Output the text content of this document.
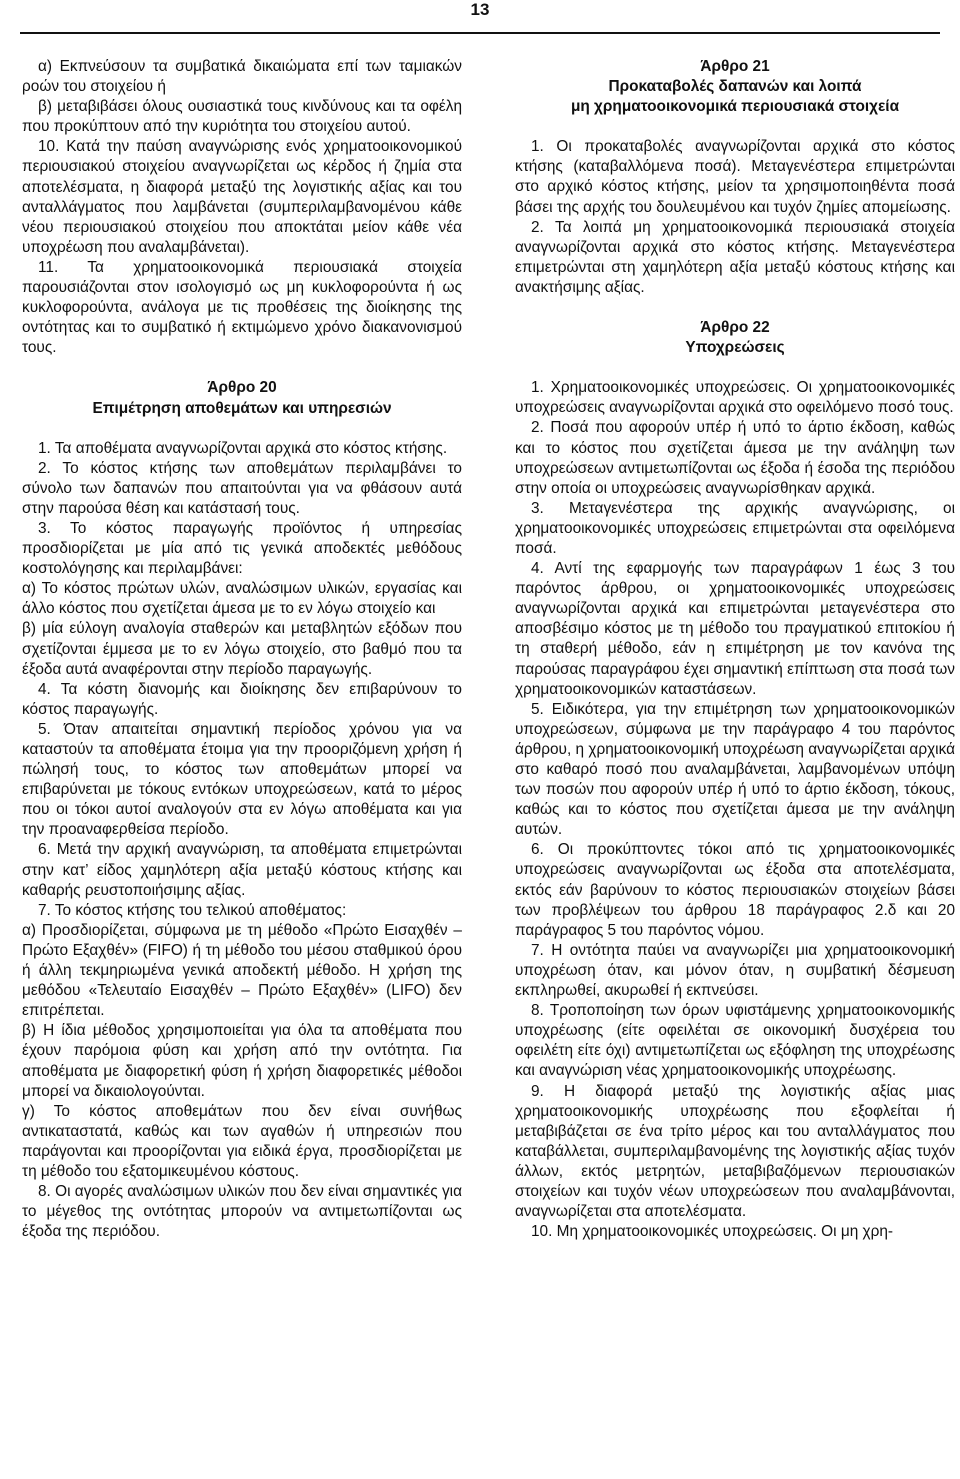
13

α) Εκπνεύσουν τα συμβατικά δικαιώματα επί των ταμιακών ροών του στοιχείου ή

β) μεταβιβάσει όλους ουσιαστικά τους κινδύνους και τα οφέλη που προκύπτουν από την κυριότητα του στοιχείου αυτού.

10. Κατά την παύση αναγνώρισης ενός χρηματοοικονομικού περιουσιακού στοιχείου αναγνωρίζεται ως κέρδος ή ζημία στα αποτελέσματα, η διαφορά μεταξύ της λογιστικής αξίας και του ανταλλάγματος που λαμβάνεται (συμπεριλαμβανομένου κάθε νέου περιουσιακού στοιχείου που αποκτάται μείον κάθε νέα υποχρέωση που αναλαμβάνεται).

11. Τα χρηματοοικονομικά περιουσιακά στοιχεία παρουσιάζονται στον ισολογισμό ως μη κυκλοφορούντα ή ως κυκλοφορούντα, ανάλογα με τις προθέσεις της διοίκησης της οντότητας και το συμβατικό ή εκτιμώμενο χρόνο διακανονισμού τους.

Άρθρο 20

Επιμέτρηση αποθεμάτων και υπηρεσιών

1. Τα αποθέματα αναγνωρίζονται αρχικά στο κόστος κτήσης.

2. Το κόστος κτήσης των αποθεμάτων περιλαμβάνει το σύνολο των δαπανών που απαιτούνται για να φθάσουν αυτά στην παρούσα θέση και κατάστασή τους.

3. Το κόστος παραγωγής προϊόντος ή υπηρεσίας προσδιορίζεται με μία από τις γενικά αποδεκτές μεθόδους κοστολόγησης και περιλαμβάνει:

α) Το κόστος πρώτων υλών, αναλώσιμων υλικών, εργασίας και άλλο κόστος που σχετίζεται άμεσα με το εν λόγω στοιχείο και

β) μία εύλογη αναλογία σταθερών και μεταβλητών εξόδων που σχετίζονται έμμεσα με το εν λόγω στοιχείο, στο βαθμό που τα έξοδα αυτά αναφέρονται στην περίοδο παραγωγής.

4. Τα κόστη διανομής και διοίκησης δεν επιβαρύνουν το κόστος παραγωγής.

5. Όταν απαιτείται σημαντική περίοδος χρόνου για να καταστούν τα αποθέματα έτοιμα για την προοριζόμενη χρήση ή πώλησή τους, το κόστος των αποθεμάτων μπορεί να επιβαρύνεται με τόκους εντόκων υποχρεώσεων, κατά το μέρος που οι τόκοι αυτοί αναλογούν στα εν λόγω αποθέματα και για την προαναφερθείσα περίοδο.

6. Μετά την αρχική αναγνώριση, τα αποθέματα επιμετρώνται στην κατ’ είδος χαμηλότερη αξία μεταξύ κόστους κτήσης και καθαρής ρευστοποιήσιμης αξίας.

7. Το κόστος κτήσης του τελικού αποθέματος:

α) Προσδιορίζεται, σύμφωνα με τη μέθοδο «Πρώτο Εισαχθέν – Πρώτο Εξαχθέν» (FIFO) ή τη μέθοδο του μέσου σταθμικού όρου ή άλλη τεκμηριωμένα γενικά αποδεκτή μέθοδο. Η χρήση της μεθόδου «Τελευταίο Εισαχθέν – Πρώτο Εξαχθέν» (LIFO) δεν επιτρέπεται.

β) Η ίδια μέθοδος χρησιμοποιείται για όλα τα αποθέματα που έχουν παρόμοια φύση και χρήση από την οντότητα. Για αποθέματα με διαφορετική φύση ή χρήση διαφορετικές μέθοδοι μπορεί να δικαιολογούνται.

γ) Το κόστος αποθεμάτων που δεν είναι συνήθως αντικαταστατά, καθώς και των αγαθών ή υπηρεσιών που παράγονται και προορίζονται για ειδικά έργα, προσδιορίζεται με τη μέθοδο του εξατομικευμένου κόστους.

8. Οι αγορές αναλώσιμων υλικών που δεν είναι σημαντικές για το μέγεθος της οντότητας μπορούν να αντιμετωπίζονται ως έξοδα της περιόδου.

Άρθρο 21

Προκαταβολές δαπανών και λοιπά

μη χρηματοοικονομικά περιουσιακά στοιχεία

1. Οι προκαταβολές αναγνωρίζονται αρχικά στο κόστος κτήσης (καταβαλλόμενα ποσά). Μεταγενέστερα επιμετρώνται στο αρχικό κόστος κτήσης, μείον τα χρησιμοποιηθέντα ποσά βάσει της αρχής του δουλευμένου και τυχόν ζημίες απομείωσης.

2. Τα λοιπά μη χρηματοοικονομικά περιουσιακά στοιχεία αναγνωρίζονται αρχικά στο κόστος κτήσης. Μεταγενέστερα επιμετρώνται στη χαμηλότερη αξία μεταξύ κόστους κτήσης και ανακτήσιμης αξίας.

Άρθρο 22

Υποχρεώσεις

1. Χρηματοοικονομικές υποχρεώσεις. Οι χρηματοοικονομικές υποχρεώσεις αναγνωρίζονται αρχικά στο οφειλόμενο ποσό τους.

2. Ποσά που αφορούν υπέρ ή υπό το άρτιο έκδοση, καθώς και το κόστος που σχετίζεται άμεσα με την ανάληψη των υποχρεώσεων αντιμετωπίζονται ως έξοδα ή έσοδα της περιόδου στην οποία οι υποχρεώσεις αναγνωρίσθηκαν αρχικά.

3. Μεταγενέστερα της αρχικής αναγνώρισης, οι χρηματοοικονομικές υποχρεώσεις επιμετρώνται στα οφειλόμενα ποσά.

4. Αντί της εφαρμογής των παραγράφων 1 έως 3 του παρόντος άρθρου, οι χρηματοοικονομικές υποχρεώσεις αναγνωρίζονται αρχικά και επιμετρώνται μεταγενέστερα στο αποσβέσιμο κόστος με τη μέθοδο του πραγματικού επιτοκίου ή τη σταθερή μέθοδο, εάν η επιμέτρηση με τον κανόνα της παρούσας παραγράφου έχει σημαντική επίπτωση στα ποσά των χρηματοοικονομικών καταστάσεων.

5. Ειδικότερα, για την επιμέτρηση των χρηματοοικονομικών υποχρεώσεων, σύμφωνα με την παράγραφο 4 του παρόντος άρθρου, η χρηματοοικονομική υποχρέωση αναγνωρίζεται αρχικά στο καθαρό ποσό που αναλαμβάνεται, λαμβανομένων υπόψη των ποσών που αφορούν υπέρ ή υπό το άρτιο έκδοση, τόκους, καθώς και το κόστος που σχετίζεται άμεσα με την ανάληψη αυτών.

6. Οι προκύπτοντες τόκοι από τις χρηματοοικονομικές υποχρεώσεις αναγνωρίζονται ως έξοδα στα αποτελέσματα, εκτός εάν βαρύνουν το κόστος περιουσιακών στοιχείων βάσει των προβλέψεων του άρθρου 18 παράγραφος 2.δ και 20 παράγραφος 5 του παρόντος νόμου.

7. Η οντότητα παύει να αναγνωρίζει μια χρηματοοικονομική υποχρέωση όταν, και μόνον όταν, η συμβατική δέσμευση εκπληρωθεί, ακυρωθεί ή εκπνεύσει.

8. Τροποποίηση των όρων υφιστάμενης χρηματοοικονομικής υποχρέωσης (είτε οφειλέται σε οικονομική δυσχέρεια του οφειλέτη είτε όχι) αντιμετωπίζεται ως εξόφληση της υποχρέωσης και αναγνώριση νέας χρηματοοικονομικής υποχρέωσης.

9. Η διαφορά μεταξύ της λογιστικής αξίας μιας χρηματοοικονομικής υποχρέωσης που εξοφλείται ή μεταβιβάζεται σε ένα τρίτο μέρος και του ανταλλάγματος που καταβάλλεται, συμπεριλαμβανομένης της λογιστικής αξίας τυχόν άλλων, εκτός μετρητών, μεταβιβαζόμενων περιουσιακών στοιχείων και τυχόν νέων υποχρεώσεων που αναλαμβάνονται, αναγνωρίζεται στα αποτελέσματα.

10. Μη χρηματοοικονομικές υποχρεώσεις. Οι μη χρη-
